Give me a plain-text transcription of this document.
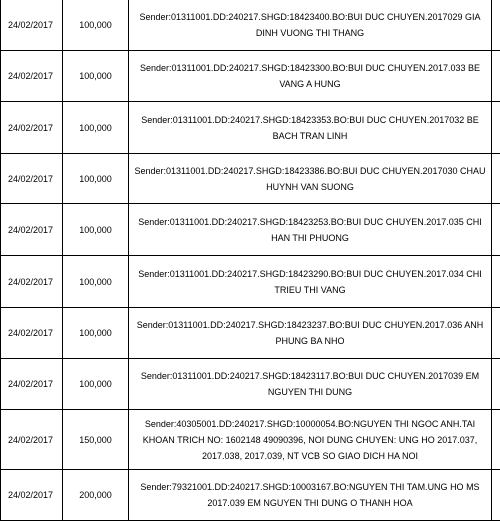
24/02/2017	100,000	Sender:01311001.DD:240217.SHGD:18423400.BO:BUI DUC CHUYEN.2017029 GIA DINH VUONG THI THANG	
24/02/2017	100,000	Sender:01311001.DD:240217.SHGD:18423300.BO:BUI DUC CHUYEN.2017.033 BE VANG A HUNG	
24/02/2017	100,000	Sender:01311001.DD:240217.SHGD:18423353.BO:BUI DUC CHUYEN.2017032 BE BACH TRAN LINH	
24/02/2017	100,000	Sender:01311001.DD:240217.SHGD:18423386.BO:BUI DUC CHUYEN.2017030 CHAU HUYNH VAN SUONG	
24/02/2017	100,000	Sender:01311001.DD:240217.SHGD:18423253.BO:BUI DUC CHUYEN.2017.035 CHI HAN THI PHUONG	
24/02/2017	100,000	Sender:01311001.DD:240217.SHGD:18423290.BO:BUI DUC CHUYEN.2017.034 CHI TRIEU THI VANG	
24/02/2017	100,000	Sender:01311001.DD:240217.SHGD:18423237.BO:BUI DUC CHUYEN.2017.036 ANH PHUNG BA NHO	
24/02/2017	100,000	Sender:01311001.DD:240217.SHGD:18423117.BO:BUI DUC CHUYEN.2017039 EM NGUYEN THI DUNG	
24/02/2017	150,000	Sender:40305001.DD:240217.SHGD:10000054.BO:NGUYEN THI NGOC ANH.TAI KHOAN TRICH NO: 1602148 49090396, NOI DUNG CHUYEN: UNG HO 2017.037, 2017.038, 2017.039, NT VCB SO GIAO DICH HA NOI	
24/02/2017	200,000	Sender:79321001.DD:240217.SHGD:10003167.BO:NGUYEN THI TAM.UNG HO MS 2017.039 EM NGUYEN THI DUNG O THANH HOA	
